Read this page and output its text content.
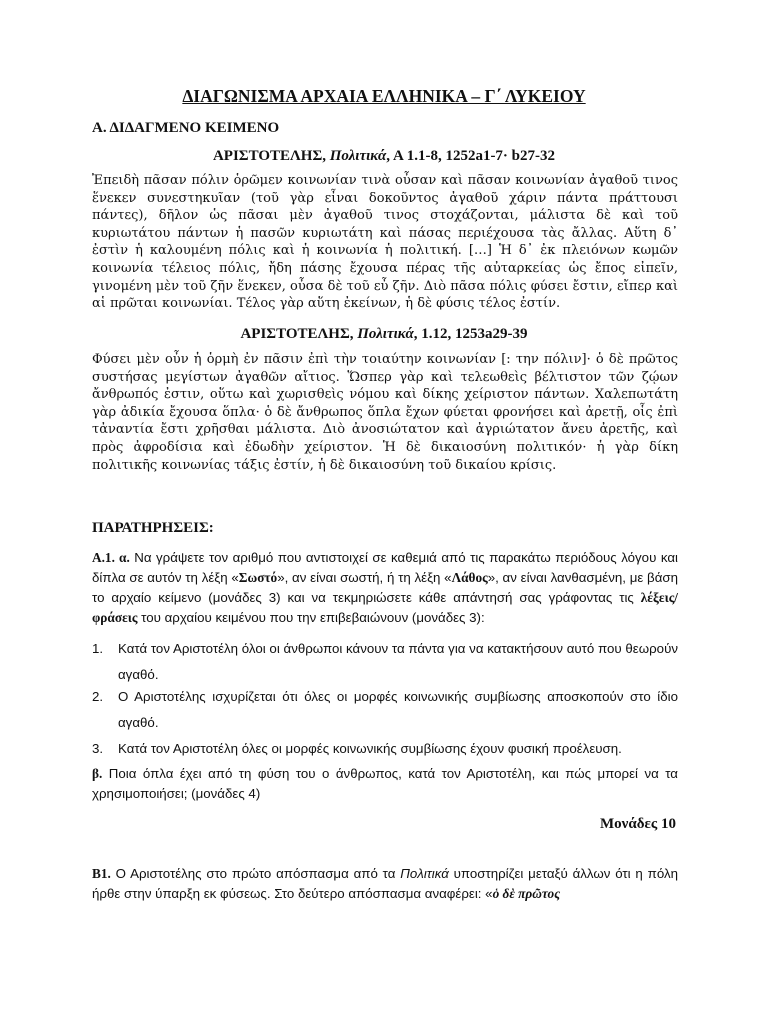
ΔΙΑΓΩΝΙΣΜΑ ΑΡΧΑΙΑ ΕΛΛΗΝΙΚΑ – Γ΄ ΛΥΚΕΙΟΥ
Α. ΔΙΔΑΓΜΕΝΟ ΚΕΙΜΕΝΟ
ΑΡΙΣΤΟΤΕΛΗΣ, Πολιτικά, Α 1.1-8, 1252a1-7· b27-32
Ἐπειδὴ πᾶσαν πόλιν ὁρῶμεν κοινωνίαν τινὰ οὖσαν καὶ πᾶσαν κοινωνίαν ἀγαθοῦ τινος ἕνεκεν συνεστηκυῖαν (τοῦ γὰρ εἶναι δοκοῦντος ἀγαθοῦ χάριν πάντα πράττουσι πάντες), δῆλον ὡς πᾶσαι μὲν ἀγαθοῦ τινος στοχάζονται, μάλιστα δὲ καὶ τοῦ κυριωτάτου πάντων ἡ πασῶν κυριωτάτη καὶ πάσας περιέχουσα τὰς ἄλλας. Αὕτη δ᾽ ἐστὶν ἡ καλουμένη πόλις καὶ ἡ κοινωνία ἡ πολιτική. […] Ἡ δ᾽ ἐκ πλειόνων κωμῶν κοινωνία τέλειος πόλις, ἤδη πάσης ἔχουσα πέρας τῆς αὐταρκείας ὡς ἔπος εἰπεῖν, γινομένη μὲν τοῦ ζῆν ἕνεκεν, οὖσα δὲ τοῦ εὖ ζῆν. Διὸ πᾶσα πόλις φύσει ἔστιν, εἴπερ καὶ αἱ πρῶται κοινωνίαι. Τέλος γὰρ αὕτη ἐκείνων, ἡ δὲ φύσις τέλος ἐστίν.
ΑΡΙΣΤΟΤΕΛΗΣ, Πολιτικά, 1.12, 1253a29-39
Φύσει μὲν οὖν ἡ ὁρμὴ ἐν πᾶσιν ἐπὶ τὴν τοιαύτην κοινωνίαν [: την πόλιν]· ὁ δὲ πρῶτος συστήσας μεγίστων ἀγαθῶν αἴτιος. Ὥσπερ γὰρ καὶ τελεωθεὶς βέλτιστον τῶν ζῴων ἄνθρωπός ἐστιν, οὕτω καὶ χωρισθεὶς νόμου καὶ δίκης χείριστον πάντων. Χαλεπωτάτη γὰρ ἀδικία ἔχουσα ὅπλα· ὁ δὲ ἄνθρωπος ὅπλα ἔχων φύεται φρονήσει καὶ ἀρετῇ, οἷς ἐπὶ τἀναντία ἔστι χρῆσθαι μάλιστα. Διὸ ἀνοσιώτατον καὶ ἀγριώτατον ἄνευ ἀρετῆς, καὶ πρὸς ἀφροδίσια καὶ ἐδωδὴν χείριστον. Ἡ δὲ δικαιοσύνη πολιτικόν· ἡ γὰρ δίκη πολιτικῆς κοινωνίας τάξις ἐστίν, ἡ δὲ δικαιοσύνη τοῦ δικαίου κρίσις.
ΠΑΡΑΤΗΡΗΣΕΙΣ:
Α.1. α. Να γράψετε τον αριθμό που αντιστοιχεί σε καθεμιά από τις παρακάτω περιόδους λόγου και δίπλα σε αυτόν τη λέξη «Σωστό», αν είναι σωστή, ή τη λέξη «Λάθος», αν είναι λανθασμένη, με βάση το αρχαίο κείμενο (μονάδες 3) και να τεκμηριώσετε κάθε απάντησή σας γράφοντας τις λέξεις/φράσεις του αρχαίου κειμένου που την επιβεβαιώνουν (μονάδες 3):
1.	Κατά τον Αριστοτέλη όλοι οι άνθρωποι κάνουν τα πάντα για να κατακτήσουν αυτό που θεωρούν αγαθό.
2.	Ο Αριστοτέλης ισχυρίζεται ότι όλες οι μορφές κοινωνικής συμβίωσης αποσκοπούν στο ίδιο αγαθό.
3.	Κατά τον Αριστοτέλη όλες οι μορφές κοινωνικής συμβίωσης έχουν φυσική προέλευση.
β. Ποια όπλα έχει από τη φύση του ο άνθρωπος, κατά τον Αριστοτέλη, και πώς μπορεί να τα χρησιμοποιήσει; (μονάδες 4)
Μονάδες 10
Β1. Ο Αριστοτέλης στο πρώτο απόσπασμα από τα Πολιτικά υποστηρίζει μεταξύ άλλων ότι η πόλη ήρθε στην ύπαρξη εκ φύσεως. Στο δεύτερο απόσπασμα αναφέρει: «ὁ δὲ πρῶτος
